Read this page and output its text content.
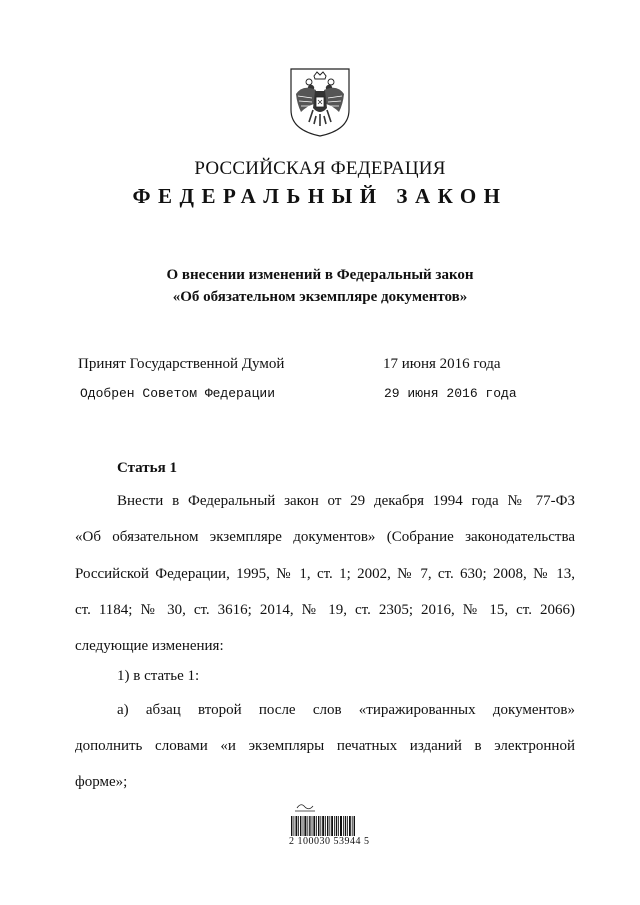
РОССИЙСКАЯ ФЕДЕРАЦИЯ
ФЕДЕРАЛЬНЫЙ ЗАКОН
О внесении изменений в Федеральный закон
«Об обязательном экземпляре документов»
Принят Государственной Думой	17 июня 2016 года
Одобрен Советом Федерации	29 июня 2016 года
Статья 1
Внести в Федеральный закон от 29 декабря 1994 года № 77-ФЗ
«Об обязательном экземпляре документов» (Собрание законодательства
Российской Федерации, 1995, № 1, ст. 1; 2002, № 7, ст. 630; 2008, № 13,
ст. 1184; № 30, ст. 3616; 2014, № 19, ст. 2305; 2016, № 15, ст. 2066)
следующие изменения:
1) в статье 1:
а) абзац второй после слов «тиражированных документов»
дополнить словами «и экземпляры печатных изданий в электронной
форме»;
2 100030 53944 5
